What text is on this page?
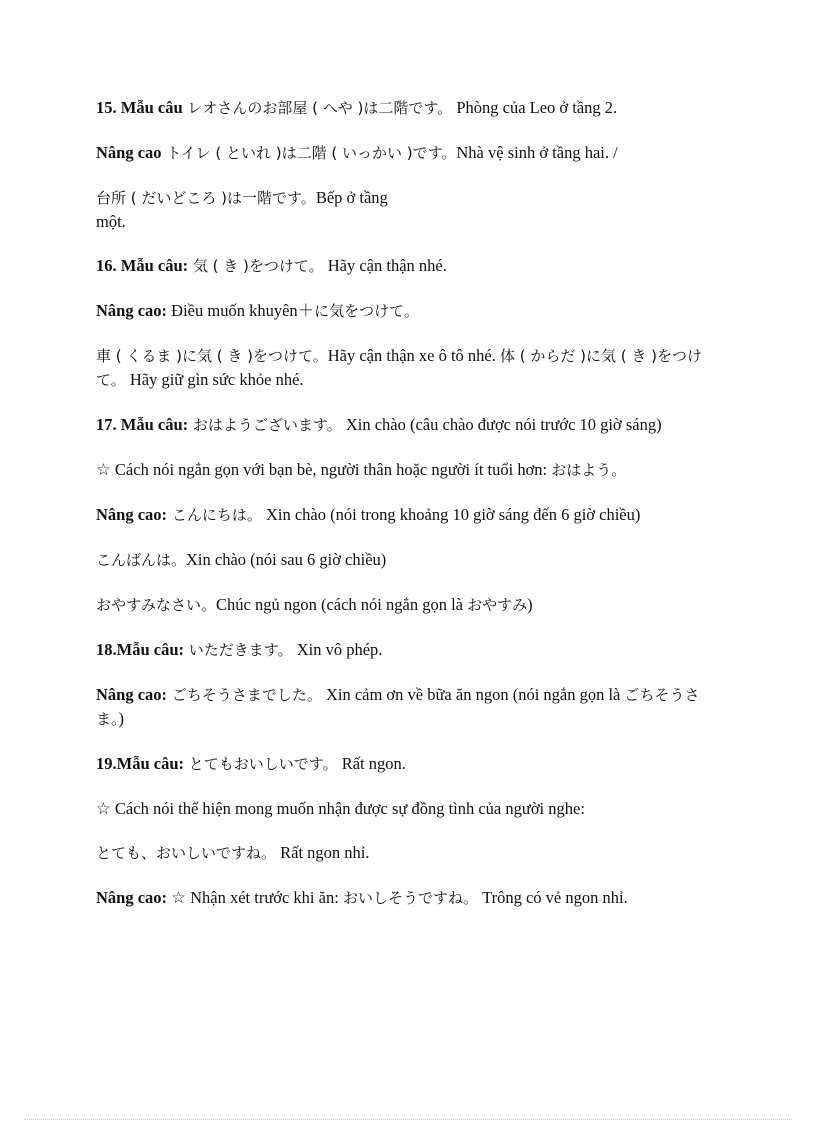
15. Mẫu câu レオさんのお部屋 ( へや )は二階です。 Phòng của Leo ở tầng 2.

Nâng cao トイレ ( といれ )は二階 ( いっかい )です。Nhà vệ sinh ở tầng hai. /

台所 ( だいどころ )は一階です。Bếp ở tầng
một.

16. Mẫu câu: 気 ( き )をつけて。 Hãy cận thận nhé.

Nâng cao: Điều muốn khuyên＋に気をつけて。

車 ( くるま )に気 ( き )をつけて。Hãy cận thận xe ô tô nhé. 体 ( からだ )に気 ( き )をつけて。 Hãy giữ gìn sức khỏe nhé.

17. Mẫu câu: おはようございます。 Xin chào (câu chào được nói trước 10 giờ sáng)

☆ Cách nói ngắn gọn với bạn bè, người thân hoặc người ít tuổi hơn: おはよう。

Nâng cao: こんにちは。 Xin chào (nói trong khoảng 10 giờ sáng đến 6 giờ chiều)

こんばんは。Xin chào (nói sau 6 giờ chiều)

おやすみなさい。Chúc ngủ ngon (cách nói ngắn gọn là おやすみ)

18.Mẫu câu: いただきます。 Xin vô phép.

Nâng cao: ごちそうさまでした。 Xin cảm ơn về bữa ăn ngon (nói ngắn gọn là ごちそうさま。)

19.Mẫu câu: とてもおいしいです。 Rất ngon.

☆ Cách nói thể hiện mong muốn nhận được sự đồng tình của người nghe:

とても、おいしいですね。 Rất ngon nhỉ.

Nâng cao: ☆ Nhận xét trước khi ăn: おいしそうですね。 Trông có vẻ ngon nhỉ.
